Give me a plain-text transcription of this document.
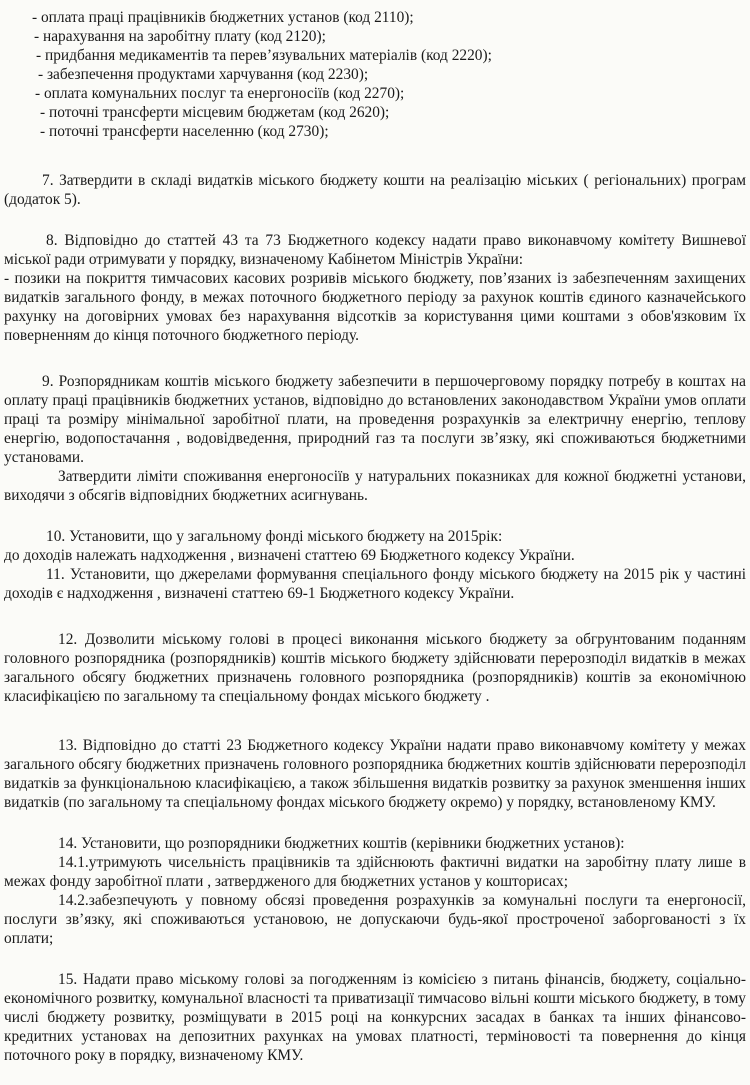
- оплата праці працівників бюджетних установ (код 2110);
- нарахування на заробітну плату (код 2120);
- придбання медикаментів та перев’язувальних матеріалів (код 2220);
- забезпечення продуктами харчування (код 2230);
- оплата комунальних послуг та енергоносіїв (код 2270);
- поточні трансферти місцевим бюджетам (код 2620);
- поточні трансферти населенню (код 2730);

7. Затвердити в складі видатків міського бюджету кошти на реалізацію міських ( регіональних) програм (додаток 5).

8. Відповідно до статтей 43 та 73 Бюджетного кодексу надати право виконавчому комітету Вишневої міської ради отримувати у порядку, визначеному Кабінетом Міністрів України:

- позики на покриття тимчасових касових розривів міського бюджету, пов’язаних із забезпеченням захищених видатків загального фонду, в межах поточного бюджетного періоду за рахунок коштів єдиного казначейського рахунку на договірних умовах без нарахування відсотків за користування цими коштами з обов'язковим їх поверненням до кінця поточного бюджетного періоду.

9. Розпорядникам коштів міського бюджету забезпечити в першочерговому порядку потребу в коштах на оплату праці працівників бюджетних установ, відповідно до встановлених законодавством України умов оплати праці та розміру мінімальної заробітної плати, на проведення розрахунків за електричну енергію, теплову енергію, водопостачання , водовідведення, природний газ та послуги зв’язку, які споживаються бюджетними установами.

Затвердити ліміти споживання енергоносіїв у натуральних показниках для кожної бюджетні установи, виходячи з обсягів відповідних бюджетних асигнувань.

10. Установити, що у загальному фонді міського бюджету на 2015рік:

до доходів належать надходження , визначені статтею 69 Бюджетного кодексу України.

11. Установити, що джерелами формування спеціального фонду міського бюджету на 2015 рік у частині доходів є надходження , визначені статтею 69-1 Бюджетного кодексу України.

12. Дозволити міському голові в процесі виконання міського бюджету за обгрунтованим поданням головного розпорядника (розпорядників) коштів міського бюджету здійснювати перерозподіл видатків в межах загального обсягу бюджетних призначень головного розпорядника (розпорядників) коштів за економічною класифікацією по загальному та спеціальному фондах міського бюджету .

13. Відповідно до статті 23 Бюджетного кодексу України надати право виконавчому комітету у межах загального обсягу бюджетних призначень головного розпорядника бюджетних коштів здійснювати перерозподіл видатків за функціональною класифікацією, а також збільшення видатків розвитку за рахунок зменшення інших видатків (по загальному та спеціальному фондах міського бюджету окремо) у порядку, встановленому КМУ.

14. Установити, що розпорядники бюджетних коштів (керівники бюджетних установ):

14.1.утримують чисельність працівників та здійснюють фактичні видатки на заробітну плату лише в межах фонду заробітної плати , затвердженого для бюджетних установ у кошторисах;

14.2.забезпечують у повному обсязі проведення розрахунків за комунальні послуги та енергоносії, послуги зв’язку, які споживаються установою, не допускаючи будь-якої простроченої заборгованості з їх оплати;

15. Надати право міському голові за погодженням із комісією з питань фінансів, бюджету, соціально- економічного розвитку, комунальної власності та приватизації тимчасово вільні кошти міського бюджету, в тому числі бюджету розвитку, розміщувати в 2015 році на конкурсних засадах в банках та інших фінансово-кредитних установах на депозитних рахунках на умовах платності, терміновості та повернення до кінця поточного року в порядку, визначеному КМУ.
